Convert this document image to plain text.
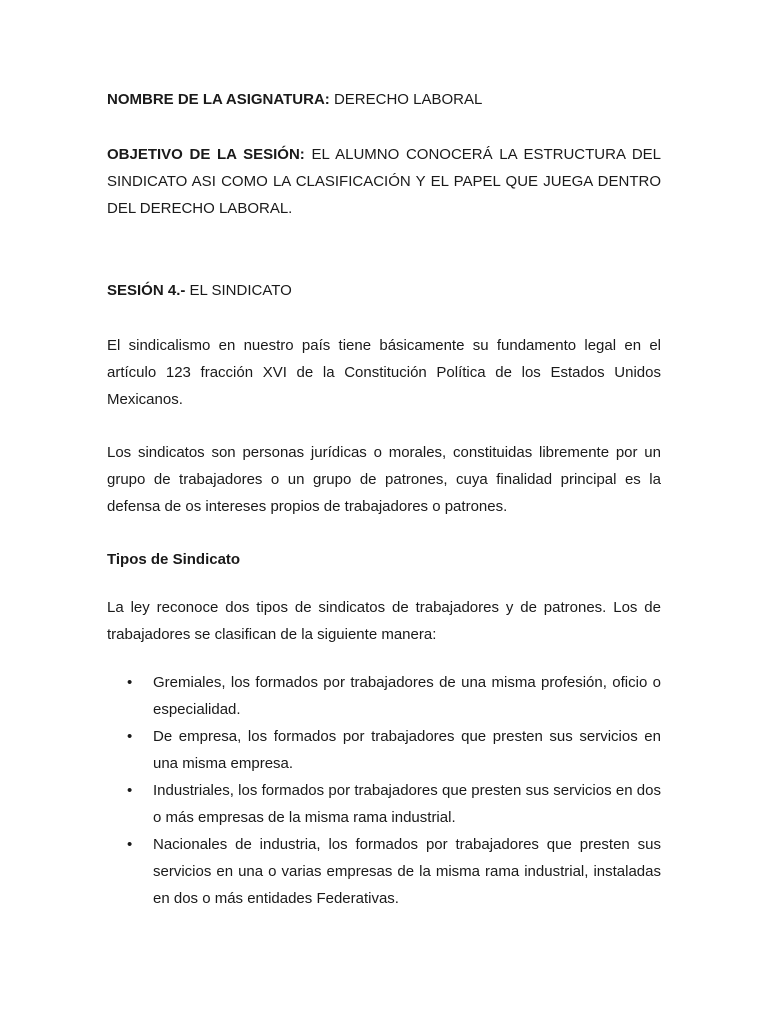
NOMBRE DE LA ASIGNATURA: DERECHO LABORAL

OBJETIVO DE LA SESIÓN: EL ALUMNO CONOCERÁ LA ESTRUCTURA DEL SINDICATO ASI COMO LA CLASIFICACIÓN Y EL PAPEL QUE JUEGA DENTRO DEL DERECHO LABORAL.

SESIÓN 4.- EL SINDICATO

El sindicalismo en nuestro país tiene básicamente su fundamento legal en el artículo 123 fracción XVI de la Constitución Política de los Estados Unidos Mexicanos.

Los sindicatos son personas jurídicas o morales, constituidas libremente por un grupo de trabajadores o un grupo de patrones, cuya finalidad principal es la defensa de os intereses propios de trabajadores o patrones.

Tipos de Sindicato

La ley reconoce dos tipos de sindicatos de trabajadores y de patrones. Los de trabajadores se clasifican de la siguiente manera:

• Gremiales, los formados por trabajadores de una misma profesión, oficio o especialidad.
• De empresa, los formados por trabajadores que presten sus servicios en una misma empresa.
• Industriales, los formados por trabajadores que presten sus servicios en dos o más empresas de la misma rama industrial.
• Nacionales de industria, los formados por trabajadores que presten sus servicios en una o varias empresas de la misma rama industrial, instaladas en dos o más entidades Federativas.
